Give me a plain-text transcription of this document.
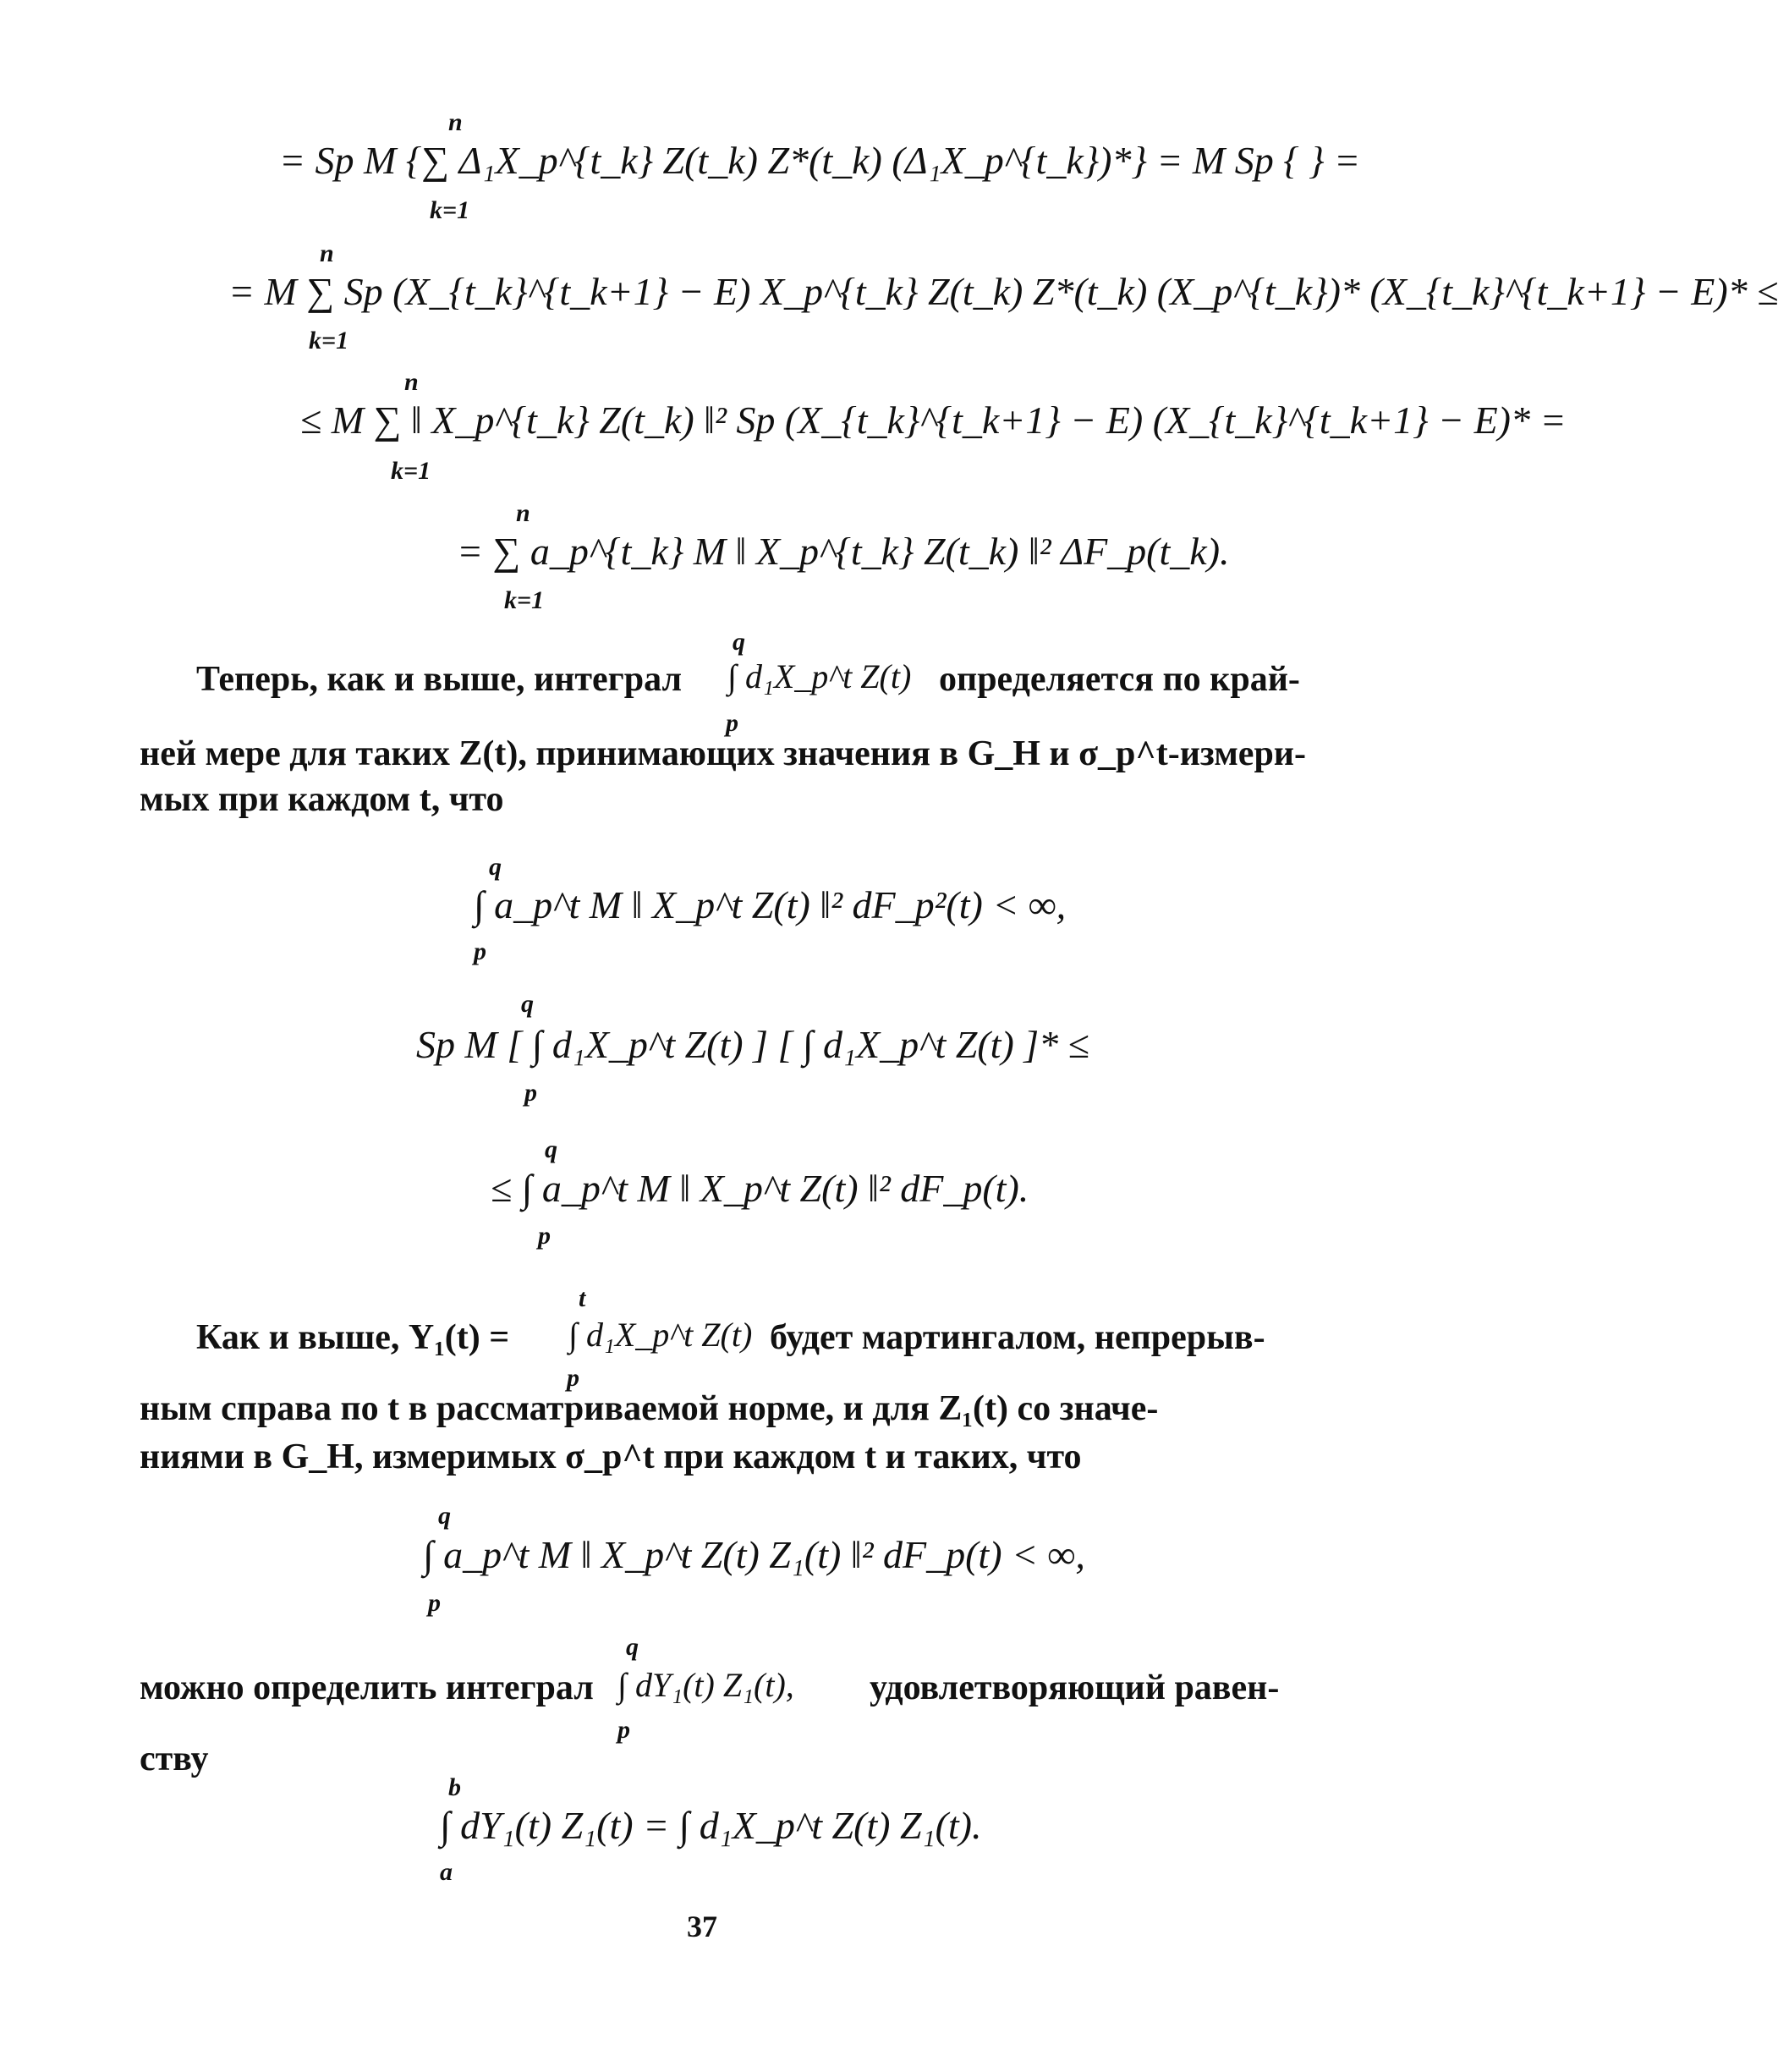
= Sp M {∑ Δ₁X_p^{t_k} Z(t_k) Z*(t_k) (Δ₁X_p^{t_k})*} = M Sp { } =
n
k=1
= M ∑ Sp (X_{t_k}^{t_k+1} − E) X_p^{t_k} Z(t_k) Z*(t_k) (X_p^{t_k})* (X_{t_k}^{t_k+1} − E)* ≤
n
k=1
≤ M ∑ ‖ X_p^{t_k} Z(t_k) ‖² Sp (X_{t_k}^{t_k+1} − E) (X_{t_k}^{t_k+1} − E)* =
n
k=1
= ∑ a_p^{t_k} M ‖ X_p^{t_k} Z(t_k) ‖² ΔF_p(t_k).
n
k=1
Теперь, как и выше, интеграл ∫ d₁X_p^t Z(t)
q
p
определяется по край-
ней мере для таких Z(t), принимающих значения в G_H и σ_p^t-измери-
мых при каждом t, что
∫ a_p^t M ‖ X_p^t Z(t) ‖² dF_p²(t) < ∞,
q
p
Sp M [ ∫ d₁X_p^t Z(t) ] [ ∫ d₁X_p^t Z(t) ]* ≤
q
p
≤ ∫ a_p^t M ‖ X_p^t Z(t) ‖² dF_p(t).
q
p
Как и выше, Y₁(t) = ∫ d₁X_p^t Z(t)
t
p
будет мартингалом, непрерыв-
ным справа по t в рассматриваемой норме, и для Z₁(t) со значе-
ниями в G_H, измеримых σ_p^t при каждом t и таких, что
∫ a_p^t M ‖ X_p^t Z(t) Z₁(t) ‖² dF_p(t) < ∞,
q
p
можно определить интеграл ∫ dY₁(t) Z₁(t),
q
p
удовлетворяющий равен-
ству
∫ dY₁(t) Z₁(t) = ∫ d₁X_p^t Z(t) Z₁(t).
b
a
37
